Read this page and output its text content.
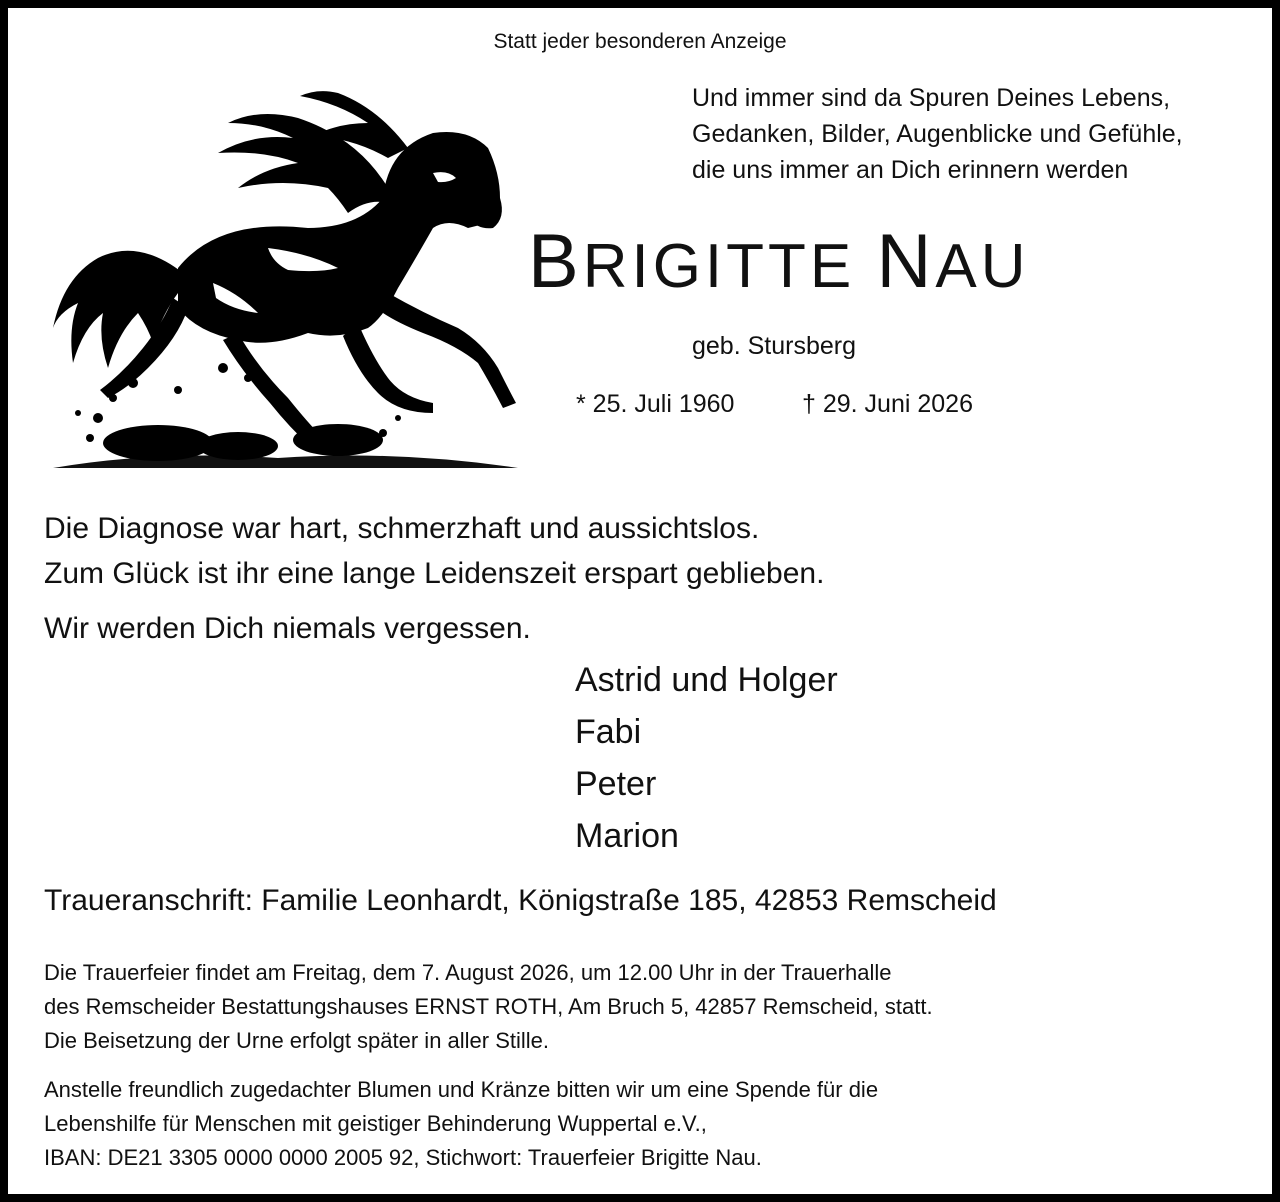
Statt jeder besonderen Anzeige
Und immer sind da Spuren Deines Lebens,
Gedanken, Bilder, Augenblicke und Gefühle,
die uns immer an Dich erinnern werden
BRIGITTE NAU
geb. Stursberg
* 25. Juli 1960	† 29. Juni 2026
Die Diagnose war hart, schmerzhaft und aussichtslos.
Zum Glück ist ihr eine lange Leidenszeit erspart geblieben.
Wir werden Dich niemals vergessen.
Astrid und Holger
Fabi
Peter
Marion
Traueranschrift: Familie Leonhardt, Königstraße 185, 42853 Remscheid
Die Trauerfeier findet am Freitag, dem 7. August 2026, um 12.00 Uhr in der Trauerhalle
des Remscheider Bestattungshauses ERNST ROTH, Am Bruch 5, 42857 Remscheid, statt.
Die Beisetzung der Urne erfolgt später in aller Stille.
Anstelle freundlich zugedachter Blumen und Kränze bitten wir um eine Spende für die
Lebenshilfe für Menschen mit geistiger Behinderung Wuppertal e.V.,
IBAN: DE21 3305 0000 0000 2005 92, Stichwort: Trauerfeier Brigitte Nau.
